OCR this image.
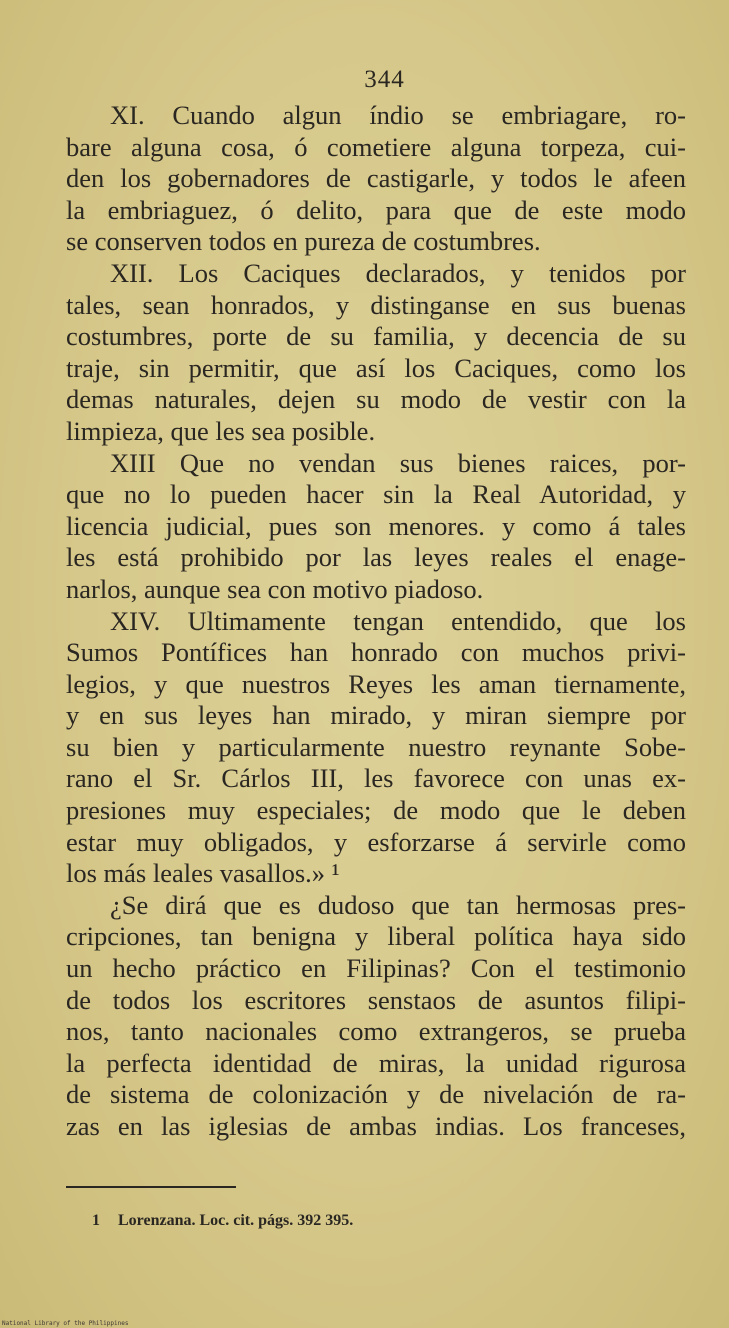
344
XI. Cuando algun índio se embriagare, ro-
bare alguna cosa, ó cometiere alguna torpeza, cui-
den los gobernadores de castigarle, y todos le afeen
la embriaguez, ó delito, para que de este modo
se conserven todos en pureza de costumbres.
XII. Los Caciques declarados, y tenidos por
tales, sean honrados, y distinganse en sus buenas
costumbres, porte de su familia, y decencia de su
traje, sin permitir, que así los Caciques, como los
demas naturales, dejen su modo de vestir con la
limpieza, que les sea posible.
XIII Que no vendan sus bienes raices, por-
que no lo pueden hacer sin la Real Autoridad, y
licencia judicial, pues son menores. y como á tales
les está prohibido por las leyes reales el enage-
narlos, aunque sea con motivo piadoso.
XIV. Ultimamente tengan entendido, que los
Sumos Pontífices han honrado con muchos privi-
legios, y que nuestros Reyes les aman tiernamente,
y en sus leyes han mirado, y miran siempre por
su bien y particularmente nuestro reynante Sobe-
rano el Sr. Cárlos III, les favorece con unas ex-
presiones muy especiales; de modo que le deben
estar muy obligados, y esforzarse á servirle como
los más leales vasallos.» ¹
¿Se dirá que es dudoso que tan hermosas pres-
cripciones, tan benigna y liberal política haya sido
un hecho práctico en Filipinas? Con el testimonio
de todos los escritores senstaos de asuntos filipi-
nos, tanto nacionales como extrangeros, se prueba
la perfecta identidad de miras, la unidad rigurosa
de sistema de colonización y de nivelación de ra-
zas en las iglesias de ambas indias. Los franceses,
1 Lorenzana. Loc. cit. págs. 392 395.
National Library of the Philippines
